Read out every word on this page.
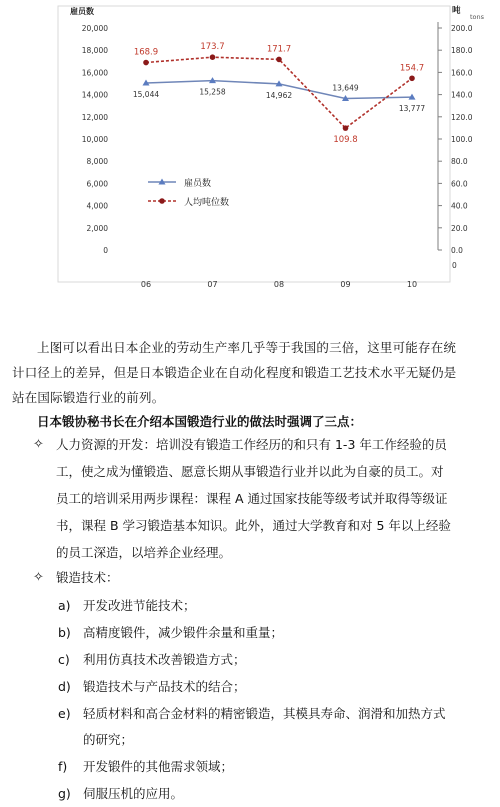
0
2,000
4,000
6,000
8,000
10,000
12,000
14,000
16,000
18,000
20,000
雇员数
0.0
20.0
40.0
60.0
80.0
100.0
120.0
140.0
160.0
180.0
200.0
吨
tons
0
06	07	08	09	10
15,044	15,258	14,962
13,649
13,777
168.9
173.7	171.7
109.8
154.7
雇员数
人均吨位数
上图可以看出日本企业的劳动生产率几乎等于我国的三倍，这里可能存在统
计口径上的差异，但是日本锻造企业在自动化程度和锻造工艺技术水平无疑仍是
站在国际锻造行业的前列。
日本锻协秘书长在介绍本国锻造行业的做法时强调了三点：
✧ 人力资源的开发：培训没有锻造工作经历的和只有 1-3 年工作经验的员
工，使之成为懂锻造、愿意长期从事锻造行业并以此为自豪的员工。对
员工的培训采用两步课程：课程 A 通过国家技能等级考试并取得等级证
书，课程 B 学习锻造基本知识。此外，通过大学教育和对 5 年以上经验
的员工深造，以培养企业经理。
✧ 锻造技术：
a) 开发改进节能技术；
b) 高精度锻件，减少锻件余量和重量；
c) 利用仿真技术改善锻造方式；
d) 锻造技术与产品技术的结合；
e) 轻质材料和高合金材料的精密锻造，其模具寿命、润滑和加热方式
的研究；
f) 开发锻件的其他需求领域；
g) 伺服压机的应用。
